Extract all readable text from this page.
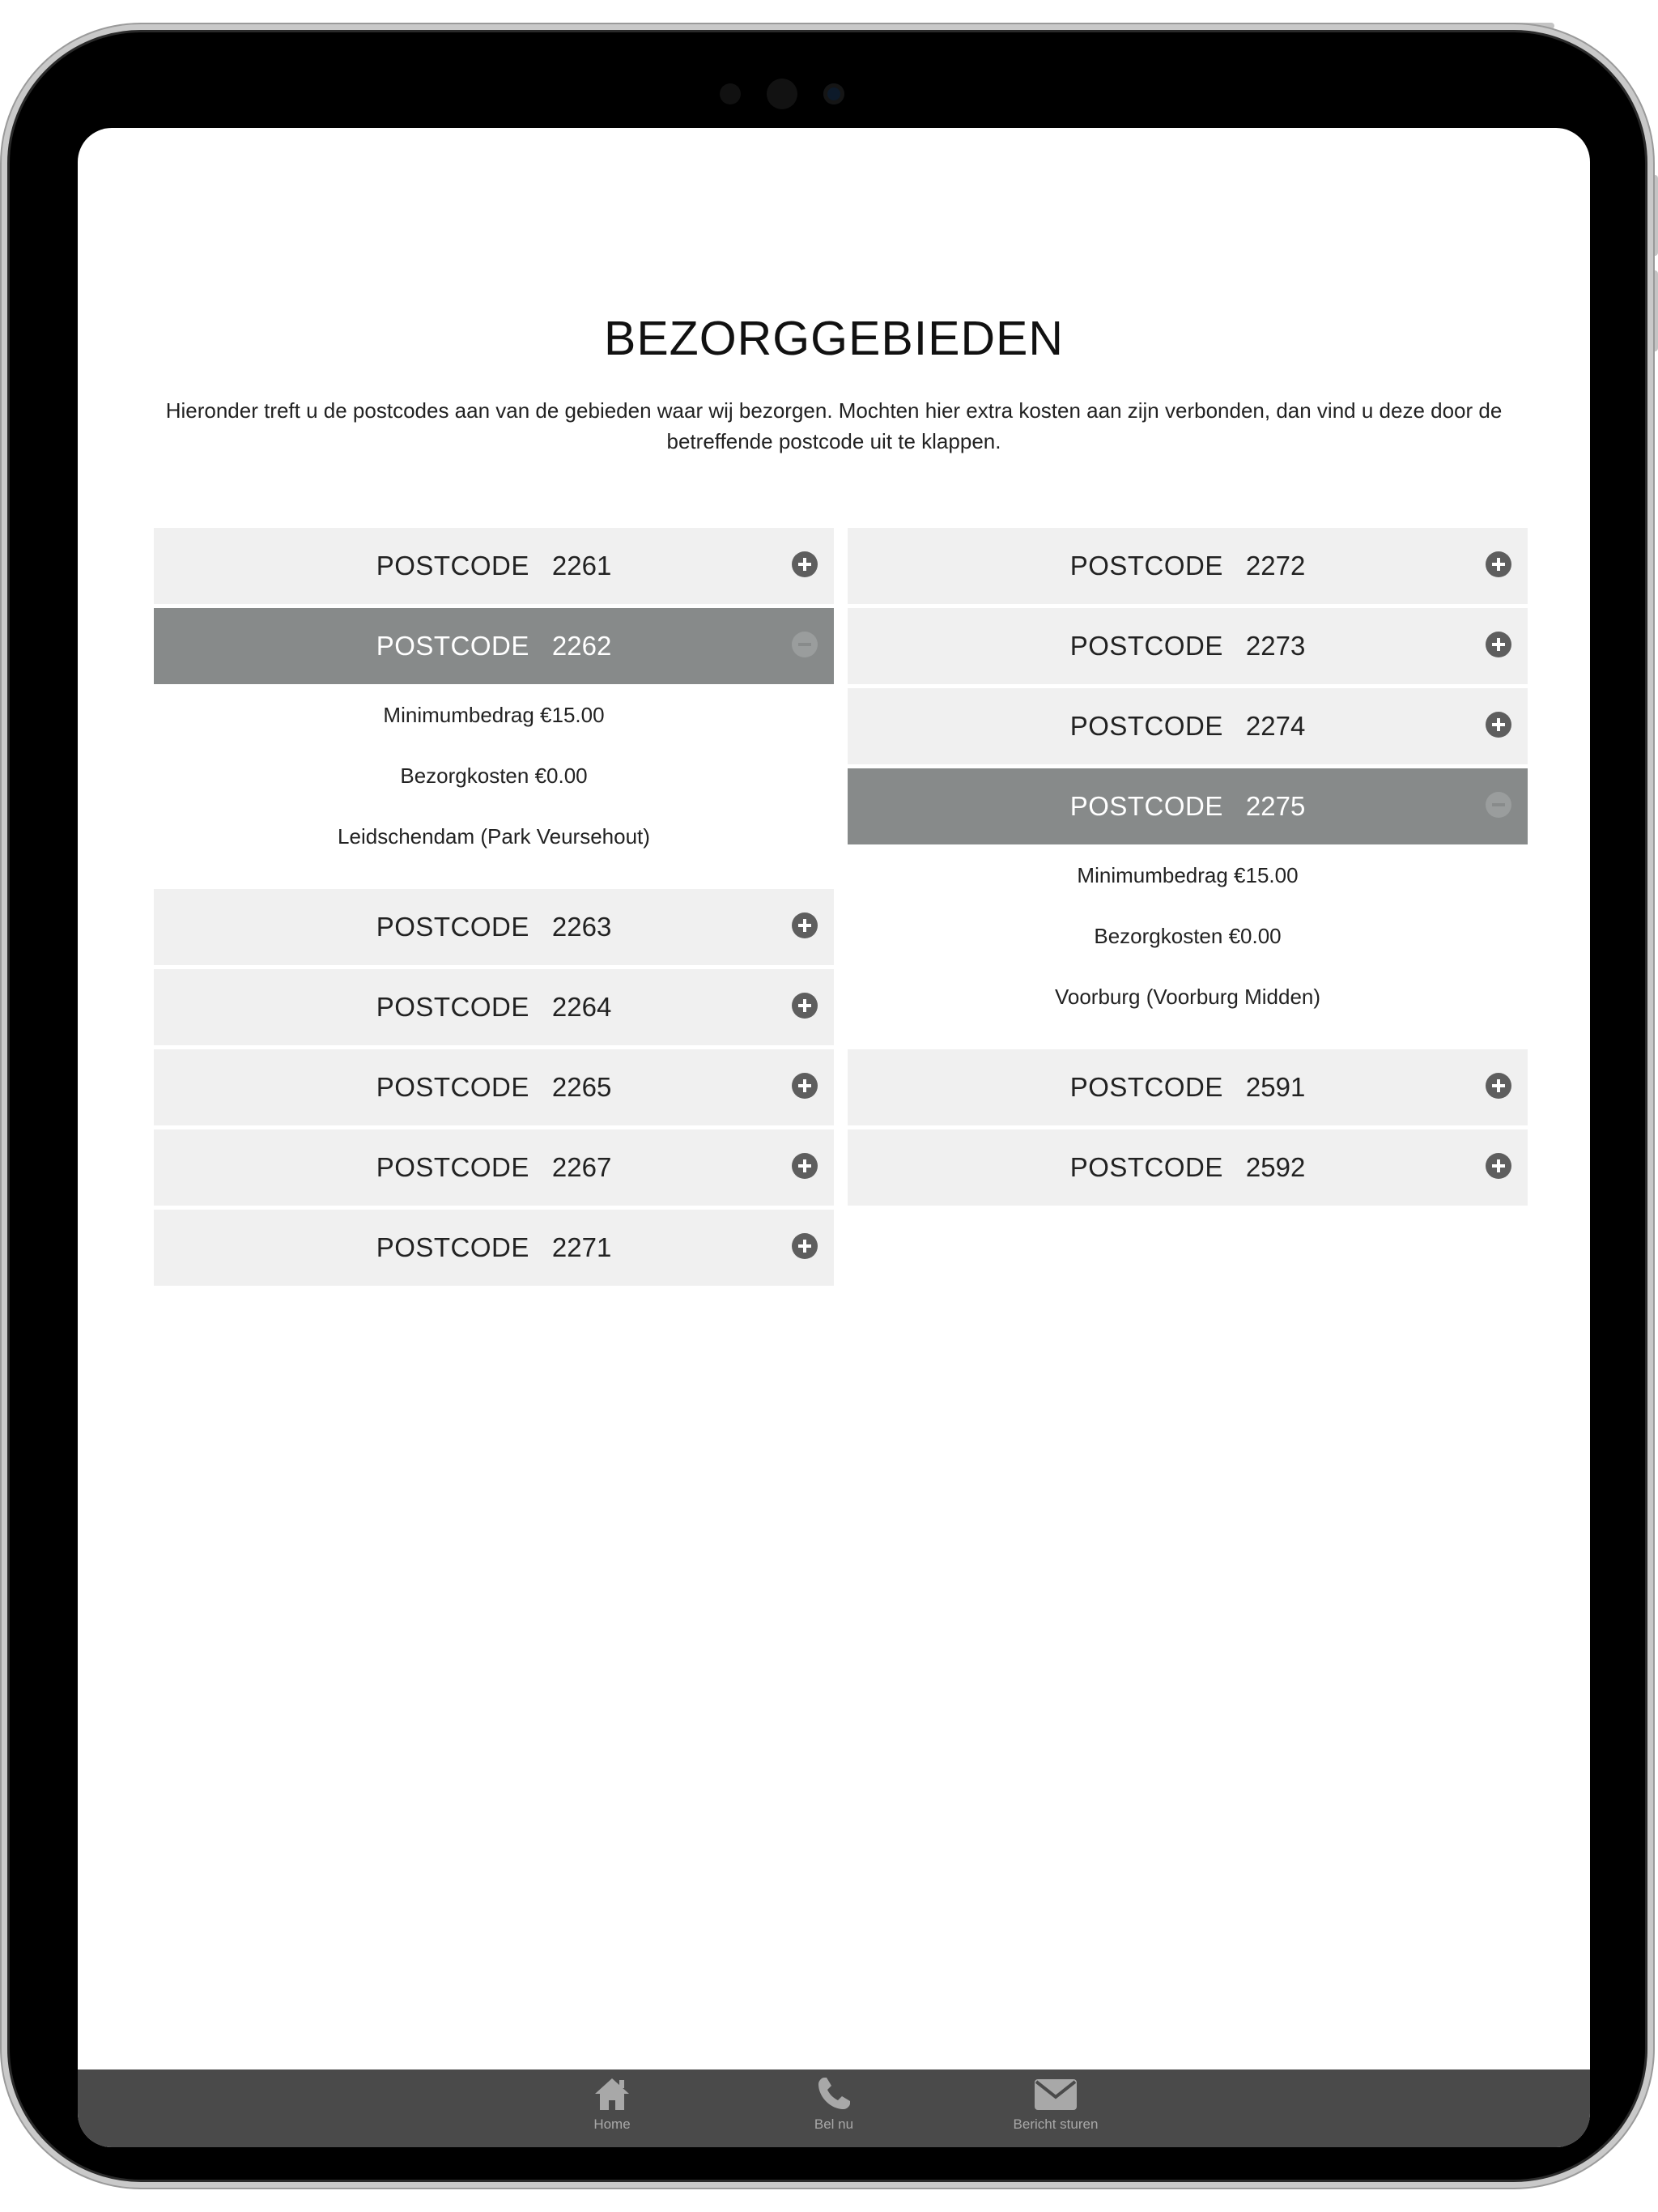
BEZORGGEBIEDEN

Hieronder treft u de postcodes aan van de gebieden waar wij bezorgen. Mochten hier extra kosten aan zijn verbonden, dan vind u deze door de betreffende postcode uit te klappen.

POSTCODE 2261
POSTCODE 2262

Minimumbedrag €15.00

Bezorgkosten €0.00

Leidschendam (Park Veursehout)

POSTCODE 2263
POSTCODE 2264
POSTCODE 2265
POSTCODE 2267
POSTCODE 2271
POSTCODE 2272
POSTCODE 2273
POSTCODE 2274
POSTCODE 2275

Minimumbedrag €15.00

Bezorgkosten €0.00

Voorburg (Voorburg Midden)

POSTCODE 2591
POSTCODE 2592
Home	Bel nu	Bericht sturen
